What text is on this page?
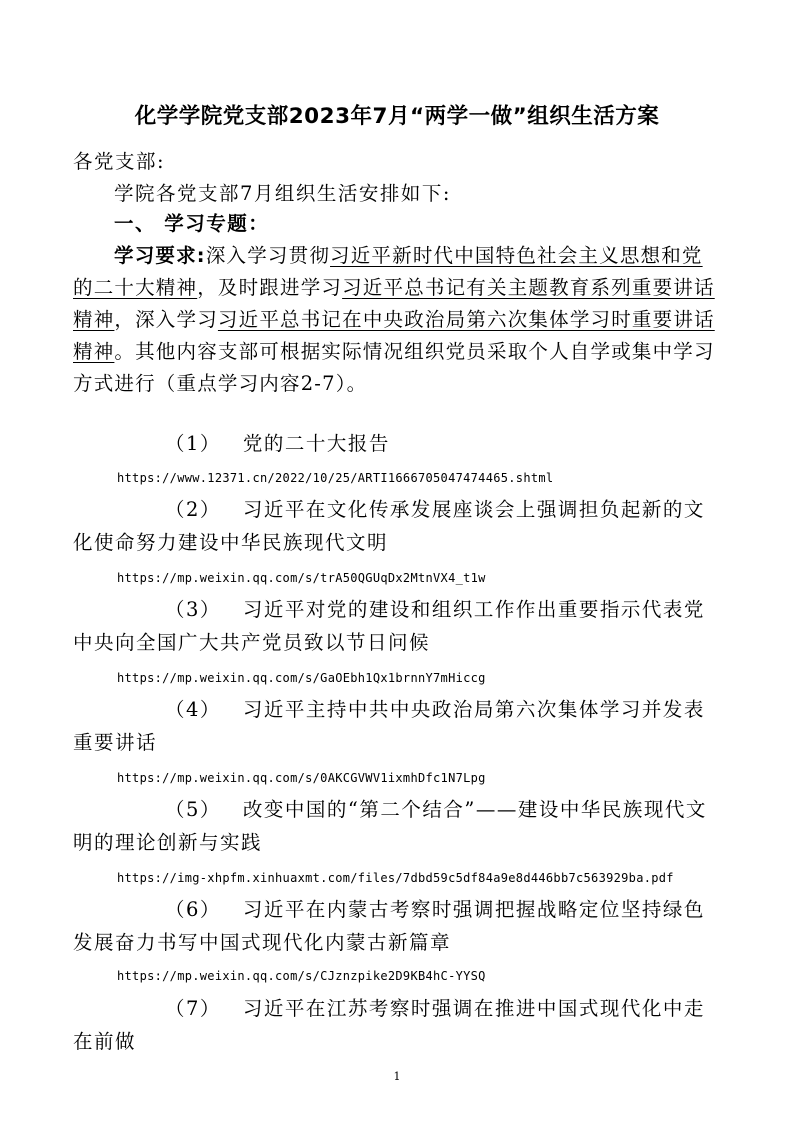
化学学院党支部2023年7月“两学一做”组织生活方案
各党支部:
学院各党支部7月组织生活安排如下:
一、 学习专题：
学习要求:深入学习贯彻习近平新时代中国特色社会主义思想和党的二十大精神，及时跟进学习习近平总书记有关主题教育系列重要讲话精神，深入学习习近平总书记在中央政治局第六次集体学习时重要讲话精神。其他内容支部可根据实际情况组织党员采取个人自学或集中学习方式进行（重点学习内容2-7）。
（1） 党的二十大报告
https://www.12371.cn/2022/10/25/ARTI1666705047474465.shtml
（2） 习近平在文化传承发展座谈会上强调担负起新的文化使命努力建设中华民族现代文明
https://mp.weixin.qq.com/s/trA50QGUqDx2MtnVX4_t1w
（3） 习近平对党的建设和组织工作作出重要指示代表党中央向全国广大共产党员致以节日问候
https://mp.weixin.qq.com/s/GaOEbh1Qx1brnnY7mHiccg
（4） 习近平主持中共中央政治局第六次集体学习并发表重要讲话
https://mp.weixin.qq.com/s/0AKCGVWV1ixmhDfc1N7Lpg
（5） 改变中国的“第二个结合”——建设中华民族现代文明的理论创新与实践
https://img-xhpfm.xinhuaxmt.com/files/7dbd59c5df84a9e8d446bb7c563929ba.pdf
（6） 习近平在内蒙古考察时强调把握战略定位坚持绿色发展奋力书写中国式现代化内蒙古新篇章
https://mp.weixin.qq.com/s/CJznzpike2D9KB4hC-YYSQ
（7） 习近平在江苏考察时强调在推进中国式现代化中走在前做
1
